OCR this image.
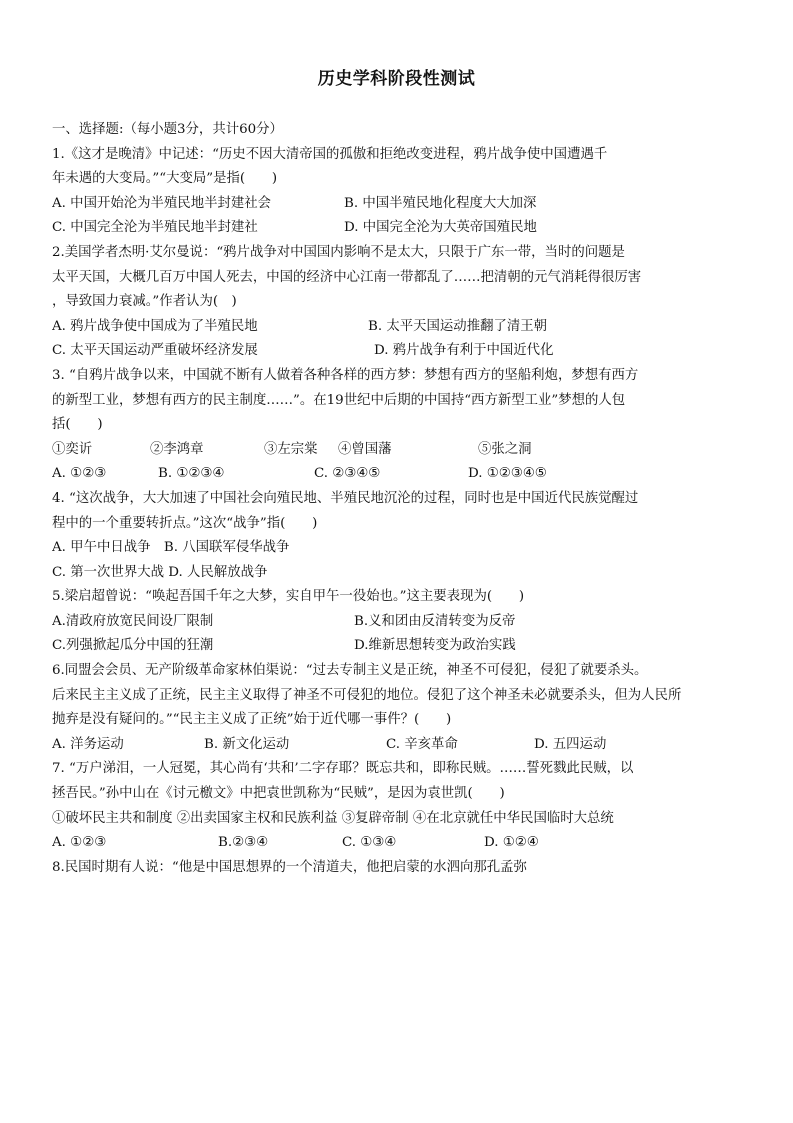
历史学科阶段性测试
一、选择题:（每小题3分，共计60分）
1.《这才是晚清》中记述：“历史不因大清帝国的孤傲和拒绝改变进程，鸦片战争使中国遭遇千
年未遇的大变局。”“大变局”是指(　　)
A. 中国开始沦为半殖民地半封建社会	B. 中国半殖民地化程度大大加深
C. 中国完全沦为半殖民地半封建社	D. 中国完全沦为大英帝国殖民地
2.美国学者杰明·艾尔曼说：“鸦片战争对中国国内影响不是太大，只限于广东一带，当时的问题是
太平天国，大概几百万中国人死去，中国的经济中心江南一带都乱了……把清朝的元气消耗得很厉害
，导致国力衰减。”作者认为(　)
A. 鸦片战争使中国成为了半殖民地	B. 太平天国运动推翻了清王朝
C. 太平天国运动严重破坏经济发展	D. 鸦片战争有利于中国近代化
3. “自鸦片战争以来，中国就不断有人做着各种各样的西方梦：梦想有西方的坚船利炮，梦想有西方
的新型工业，梦想有西方的民主制度……”。在19世纪中后期的中国持“西方新型工业”梦想的人包
括(　　)
①奕䜣	②李鸿章	③左宗棠	④曾国藩	⑤张之洞
A. ①②③	B. ①②③④	C. ②③④⑤	D. ①②③④⑤
4. “这次战争，大大加速了中国社会向殖民地、半殖民地沉沦的过程，同时也是中国近代民族觉醒过
程中的一个重要转折点。”这次“战争”指(　　)
A. 甲午中日战争　B. 八国联军侵华战争
C. 第一次世界大战 D. 人民解放战争
5.梁启超曾说：“唤起吾国千年之大梦，实自甲午一役始也。”这主要表现为(　　)
A.清政府放宽民间设厂限制	B.义和团由反清转变为反帝
C.列强掀起瓜分中国的狂潮	D.维新思想转变为政治实践
6.同盟会会员、无产阶级革命家林伯渠说：“过去专制主义是正统，神圣不可侵犯，侵犯了就要杀头。
后来民主主义成了正统，民主主义取得了神圣不可侵犯的地位。侵犯了这个神圣未必就要杀头，但为人民所
抛弃是没有疑问的。”“民主主义成了正统”始于近代哪一事件？(　　)
A. 洋务运动	B. 新文化运动	C. 辛亥革命	D. 五四运动
7. “万户涕泪，一人冠冕，其心尚有‘共和’二字存耶？既忘共和，即称民贼。……誓死戮此民贼，以
拯吾民。”孙中山在《讨元檄文》中把袁世凯称为“民贼”，是因为袁世凯(　　)
①破坏民主共和制度 ②出卖国家主权和民族利益 ③复辟帝制 ④在北京就任中华民国临时大总统
A. ①②③	B.②③④	C. ①③④	D. ①②④
8.民国时期有人说：“他是中国思想界的一个清道夫，他把启蒙的水泗向那孔孟弥
